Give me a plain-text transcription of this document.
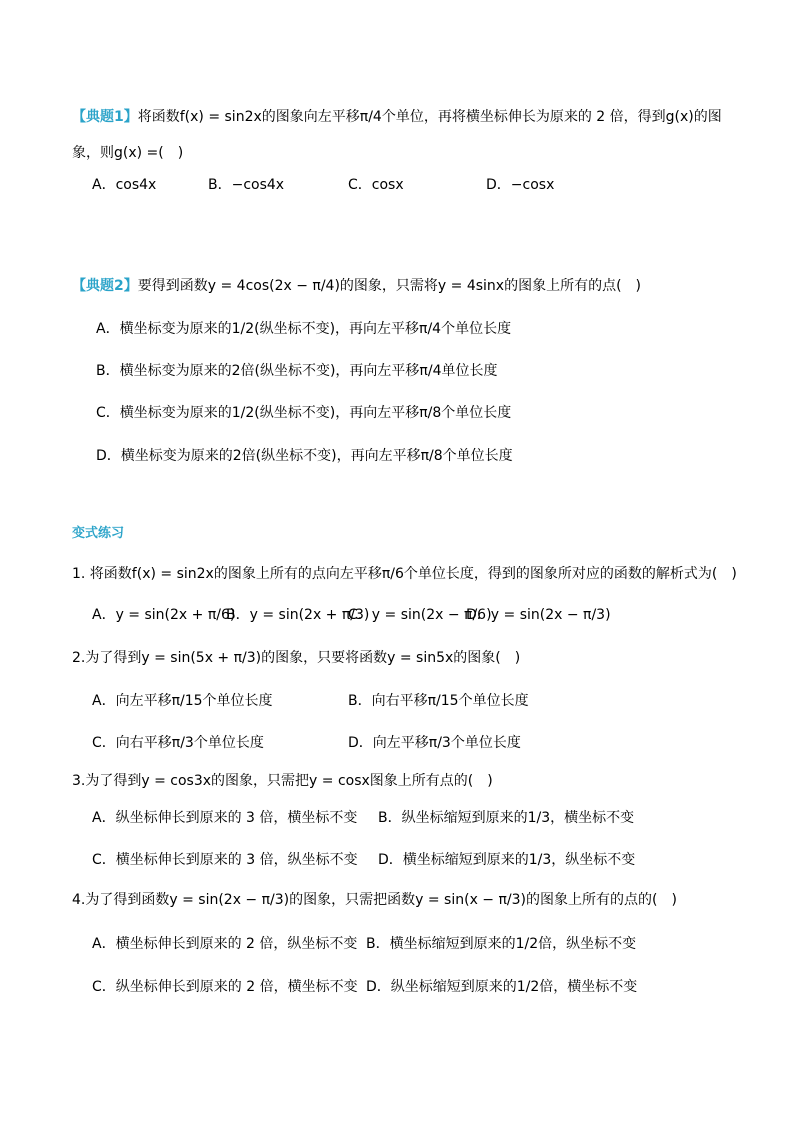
【典题1】将函数f(x) = sin2x的图象向左平移π/4个单位，再将横坐标伸长为原来的 2 倍，得到g(x)的图
象，则g(x) =(　)
A．cos4x	B．−cos4x	C．cosx	D．−cosx
【典题2】要得到函数y = 4cos(2x − π/4)的图象，只需将y = 4sinx的图象上所有的点(　)
A．横坐标变为原来的1/2(纵坐标不变)，再向左平移π/4个单位长度
B．横坐标变为原来的2倍(纵坐标不变)，再向左平移π/4单位长度
C．横坐标变为原来的1/2(纵坐标不变)，再向左平移π/8个单位长度
D．横坐标变为原来的2倍(纵坐标不变)，再向左平移π/8个单位长度
变式练习
1. 将函数f(x) = sin2x的图象上所有的点向左平移π/6个单位长度，得到的图象所对应的函数的解析式为(　)
A．y = sin(2x + π/6)
B．y = sin(2x + π/3)
C．y = sin(2x − π/6)
D．y = sin(2x − π/3)
2.为了得到y = sin(5x + π/3)的图象，只要将函数y = sin5x的图象(　)
A．向左平移π/15个单位长度	B．向右平移π/15个单位长度
C．向右平移π/3个单位长度	D．向左平移π/3个单位长度
3.为了得到y = cos3x的图象，只需把y = cosx图象上所有点的(　)
A．纵坐标伸长到原来的 3 倍，横坐标不变 B．纵坐标缩短到原来的1/3，横坐标不变
C．横坐标伸长到原来的 3 倍，纵坐标不变 D．横坐标缩短到原来的1/3，纵坐标不变
4.为了得到函数y = sin(2x − π/3)的图象，只需把函数y = sin(x − π/3)的图象上所有的点的(　)
A．横坐标伸长到原来的 2 倍，纵坐标不变 B．横坐标缩短到原来的1/2倍，纵坐标不变
C．纵坐标伸长到原来的 2 倍，横坐标不变 D．纵坐标缩短到原来的1/2倍，横坐标不变
